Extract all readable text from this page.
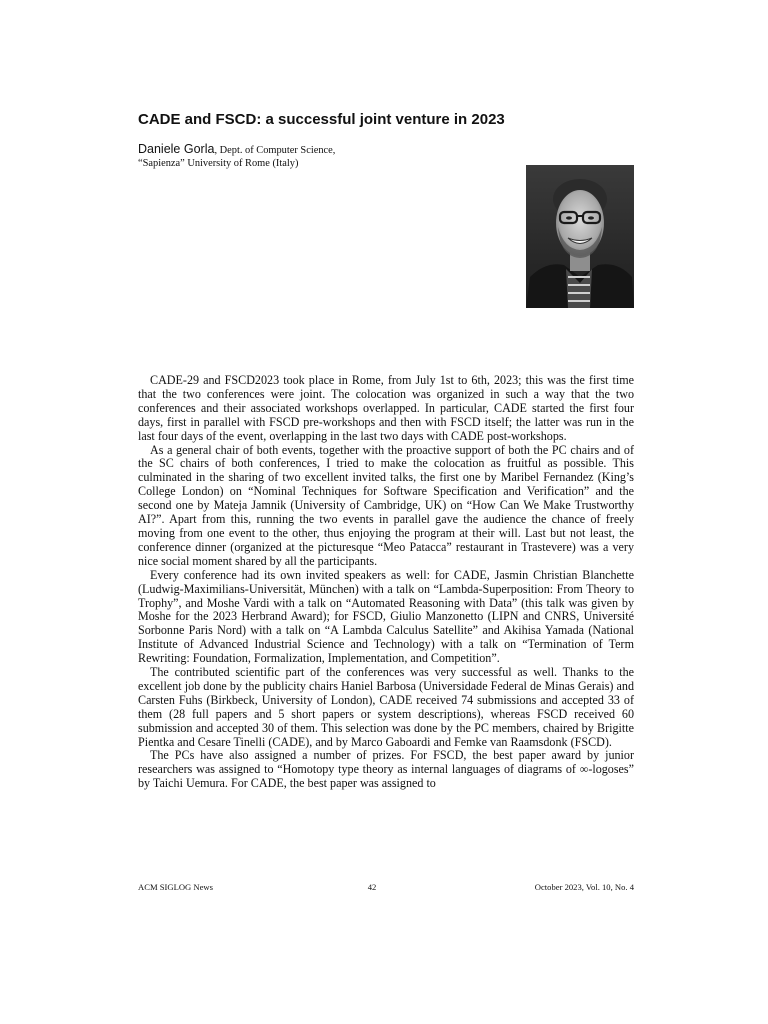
CADE and FSCD: a successful joint venture in 2023
Daniele Gorla, Dept. of Computer Science,
“Sapienza” University of Rome (Italy)

CADE-29 and FSCD2023 took place in Rome, from July 1st to 6th, 2023; this was the first time that the two conferences were joint. The colocation was organized in such a way that the two conferences and their associated workshops overlapped. In particular, CADE started the first four days, first in parallel with FSCD pre-workshops and then with FSCD itself; the latter was run in the last four days of the event, overlapping in the last two days with CADE post-workshops.

As a general chair of both events, together with the proactive support of both the PC chairs and of the SC chairs of both conferences, I tried to make the colocation as fruitful as possible. This culminated in the sharing of two excellent invited talks, the first one by Maribel Fernandez (King’s College London) on “Nominal Techniques for Software Specification and Verification” and the second one by Mateja Jamnik (University of Cambridge, UK) on “How Can We Make Trustworthy AI?”. Apart from this, running the two events in parallel gave the audience the chance of freely moving from one event to the other, thus enjoying the program at their will. Last but not least, the conference dinner (organized at the picturesque “Meo Patacca” restaurant in Trastevere) was a very nice social moment shared by all the participants.

Every conference had its own invited speakers as well: for CADE, Jasmin Christian Blanchette (Ludwig-Maximilians-Universität, München) with a talk on “Lambda-Superposition: From Theory to Trophy”, and Moshe Vardi with a talk on “Automated Reasoning with Data” (this talk was given by Moshe for the 2023 Herbrand Award); for FSCD, Giulio Manzonetto (LIPN and CNRS, Université Sorbonne Paris Nord) with a talk on “A Lambda Calculus Satellite” and Akihisa Yamada (National Institute of Advanced Industrial Science and Technology) with a talk on “Termination of Term Rewriting: Foundation, Formalization, Implementation, and Competition”.

The contributed scientific part of the conferences was very successful as well. Thanks to the excellent job done by the publicity chairs Haniel Barbosa (Universidade Federal de Minas Gerais) and Carsten Fuhs (Birkbeck, University of London), CADE received 74 submissions and accepted 33 of them (28 full papers and 5 short papers or system descriptions), whereas FSCD received 60 submission and accepted 30 of them. This selection was done by the PC members, chaired by Brigitte Pientka and Cesare Tinelli (CADE), and by Marco Gaboardi and Femke van Raamsdonk (FSCD).

The PCs have also assigned a number of prizes. For FSCD, the best paper award by junior researchers was assigned to “Homotopy type theory as internal languages of diagrams of ∞-logoses” by Taichi Uemura. For CADE, the best paper was assigned to

ACM SIGLOG News	42	October 2023, Vol. 10, No. 4
